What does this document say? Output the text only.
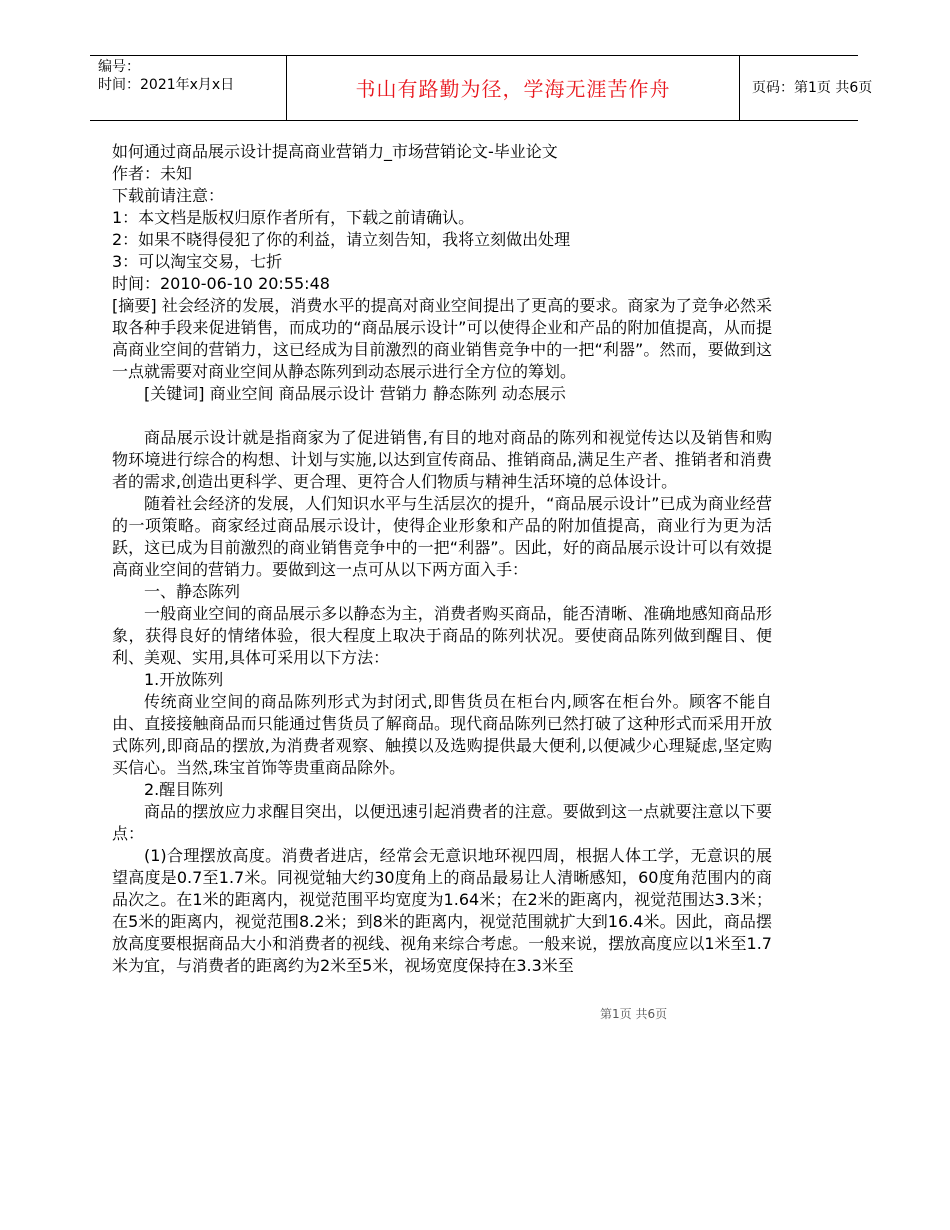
编号：
时间：2021年x月x日	书山有路勤为径，学海无涯苦作舟	页码：第1页 共6页

如何通过商品展示设计提高商业营销力_市场营销论文-毕业论文

作者：未知

下载前请注意：

1：本文档是版权归原作者所有，下载之前请确认。

2：如果不晓得侵犯了你的利益，请立刻告知，我将立刻做出处理

3：可以淘宝交易，七折

时间：2010-06-10 20:55:48

[摘要] 社会经济的发展，消费水平的提高对商业空间提出了更高的要求。商家为了竞争必然采取各种手段来促进销售，而成功的“商品展示设计”可以使得企业和产品的附加值提高，从而提高商业空间的营销力，这已经成为目前激烈的商业销售竞争中的一把“利器”。然而，要做到这一点就需要对商业空间从静态陈列到动态展示进行全方位的筹划。

[关键词] 商业空间 商品展示设计 营销力 静态陈列 动态展示

商品展示设计就是指商家为了促进销售,有目的地对商品的陈列和视觉传达以及销售和购物环境进行综合的构想、计划与实施,以达到宣传商品、推销商品,满足生产者、推销者和消费者的需求,创造出更科学、更合理、更符合人们物质与精神生活环境的总体设计。

随着社会经济的发展，人们知识水平与生活层次的提升，“商品展示设计”已成为商业经营的一项策略。商家经过商品展示设计，使得企业形象和产品的附加值提高，商业行为更为活跃，这已成为目前激烈的商业销售竞争中的一把“利器”。因此，好的商品展示设计可以有效提高商业空间的营销力。要做到这一点可从以下两方面入手：

一、静态陈列

一般商业空间的商品展示多以静态为主，消费者购买商品，能否清晰、准确地感知商品形象，获得良好的情绪体验，很大程度上取决于商品的陈列状况。要使商品陈列做到醒目、便利、美观、实用,具体可采用以下方法：

1.开放陈列

传统商业空间的商品陈列形式为封闭式,即售货员在柜台内,顾客在柜台外。顾客不能自由、直接接触商品而只能通过售货员了解商品。现代商品陈列已然打破了这种形式而采用开放式陈列,即商品的摆放,为消费者观察、触摸以及选购提供最大便利,以便减少心理疑虑,坚定购买信心。当然,珠宝首饰等贵重商品除外。

2.醒目陈列

商品的摆放应力求醒目突出，以便迅速引起消费者的注意。要做到这一点就要注意以下要点：

(1)合理摆放高度。消费者进店，经常会无意识地环视四周，根据人体工学，无意识的展望高度是0.7至1.7米。同视觉轴大约30度角上的商品最易让人清晰感知，60度角范围内的商品次之。在1米的距离内，视觉范围平均宽度为1.64米；在2米的距离内，视觉范围达3.3米；在5米的距离内，视觉范围8.2米；到8米的距离内，视觉范围就扩大到16.4米。因此，商品摆放高度要根据商品大小和消费者的视线、视角来综合考虑。一般来说，摆放高度应以1米至1.7米为宜，与消费者的距离约为2米至5米，视场宽度保持在3.3米至

第1页 共6页
